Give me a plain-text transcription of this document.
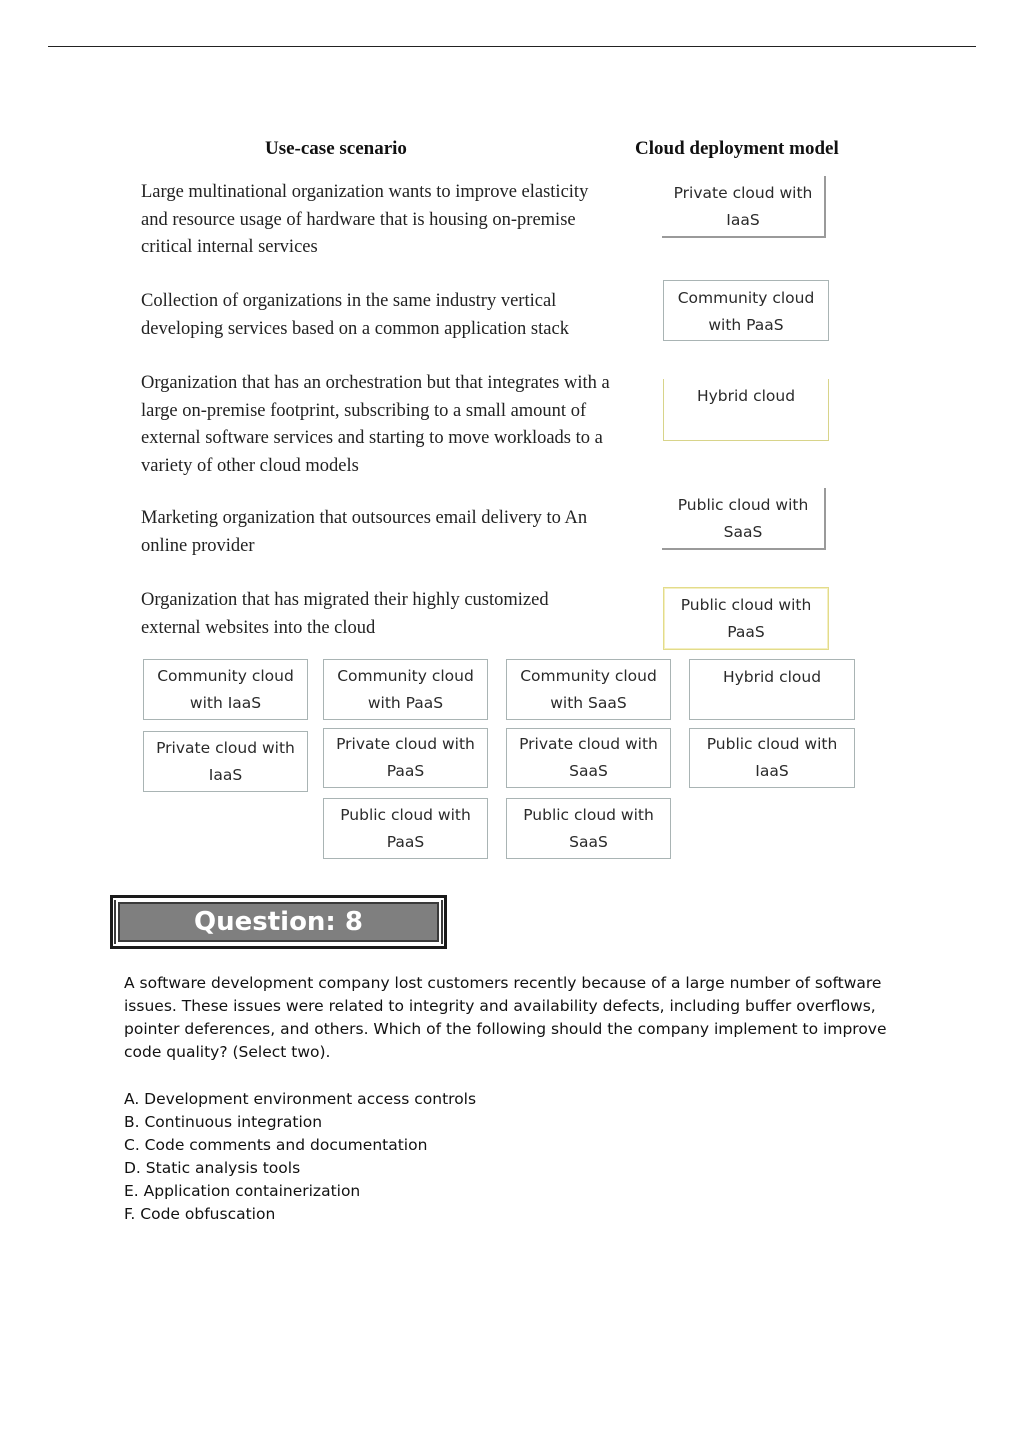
Use-case scenario	Cloud deployment model
Large multinational organization wants to improve elasticity and resource usage of hardware that is housing on-premise critical internal services
Collection of organizations in the same industry vertical developing services based on a common application stack
Organization that has an orchestration but that integrates with a large on-premise footprint, subscribing to a small amount of external software services and starting to move workloads to a variety of other cloud models
Marketing organization that outsources email delivery to An online provider
Organization that has migrated their highly customized external websites into the cloud
Private cloud with IaaS
Community cloud with PaaS
Hybrid cloud
Public cloud with SaaS
Public cloud with PaaS
Community cloud with IaaS
Community cloud with PaaS
Community cloud with SaaS
Hybrid cloud
Private cloud with IaaS
Private cloud with PaaS
Private cloud with SaaS
Public cloud with IaaS
Public cloud with PaaS
Public cloud with SaaS
Question: 8
A software development company lost customers recently because of a large number of software issues. These issues were related to integrity and availability defects, including buffer overflows, pointer deferences, and others. Which of the following should the company implement to improve code quality? (Select two).
A. Development environment access controls
B. Continuous integration
C. Code comments and documentation
D. Static analysis tools
E. Application containerization
F. Code obfuscation
